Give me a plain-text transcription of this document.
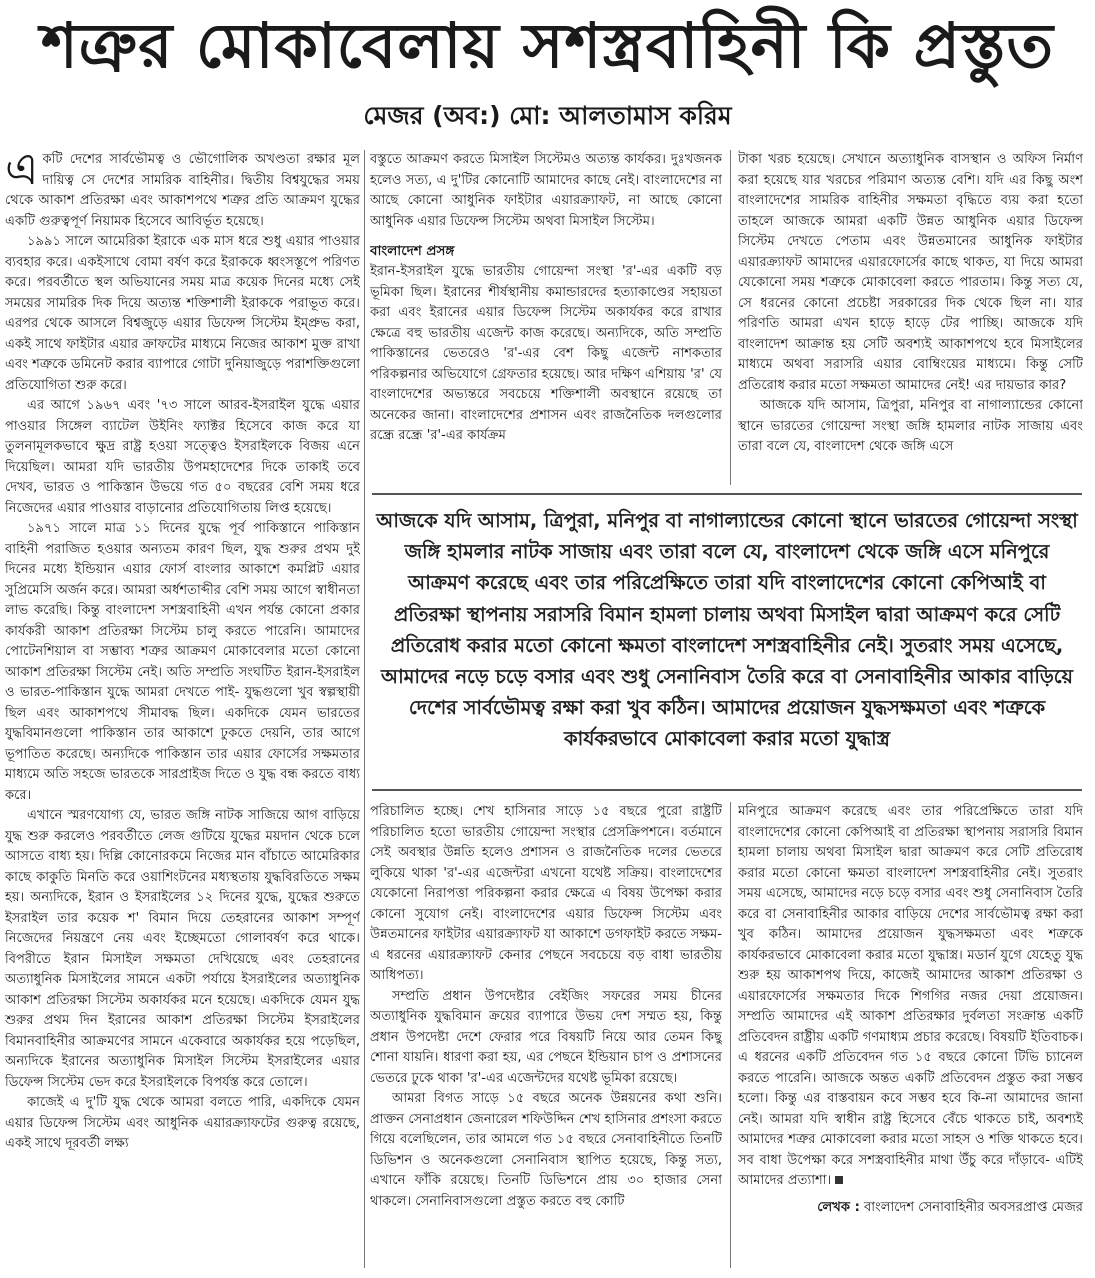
শত্রুর মোকাবেলায় সশস্ত্রবাহিনী কি প্রস্তুত
মেজর (অব:) মো: আলতামাস করিম

একটি দেশের সার্বভৌমত্ব ও ভৌগোলিক অখণ্ডতা রক্ষার মূল দায়িত্ব সে দেশের সামরিক বাহিনীর। দ্বিতীয় বিশ্বযুদ্ধের সময় থেকে আকাশ প্রতিরক্ষা এবং আকাশপথে শত্রুর প্রতি আক্রমণ যুদ্ধের একটি গুরুত্বপূর্ণ নিয়ামক হিসেবে আবির্ভূত হয়েছে।

১৯৯১ সালে আমেরিকা ইরাকে এক মাস ধরে শুধু এয়ার পাওয়ার ব্যবহার করে। একইসাথে বোমা বর্ষণ করে ইরাককে ধ্বংসস্তূপে পরিণত করে। পরবর্তীতে স্থল অভিযানের সময় মাত্র কয়েক দিনের মধ্যে সেই সময়ের সামরিক দিক দিয়ে অত্যন্ত শক্তিশালী ইরাককে পরাভূত করে। এরপর থেকে আসলে বিশ্বজুড়ে এয়ার ডিফেন্স সিস্টেম ইম্প্রুভ করা, একই সাথে ফাইটার এয়ার ক্রাফটের মাধ্যমে নিজের আকাশ মুক্ত রাখা এবং শত্রুকে ডমিনেট করার ব্যাপারে গোটা দুনিয়াজুড়ে পরাশক্তিগুলো প্রতিযোগিতা শুরু করে।

এর আগে ১৯৬৭ এবং '৭৩ সালে আরব-ইসরাইল যুদ্ধে এয়ার পাওয়ার সিঙ্গেল ব্যাটেল উইনিং ফ্যাক্টর হিসেবে কাজ করে যা তুলনামূলকভাবে ক্ষুদ্র রাষ্ট্র হওয়া সত্ত্বেও ইসরাইলকে বিজয় এনে দিয়েছিল। আমরা যদি ভারতীয় উপমহাদেশের দিকে তাকাই তবে দেখব, ভারত ও পাকিস্তান উভয়ে গত ৫০ বছরের বেশি সময় ধরে নিজেদের এয়ার পাওয়ার বাড়ানোর প্রতিযোগিতায় লিপ্ত হয়েছে।

১৯৭১ সালে মাত্র ১১ দিনের যুদ্ধে পূর্ব পাকিস্তানে পাকিস্তান বাহিনী পরাজিত হওয়ার অন্যতম কারণ ছিল, যুদ্ধ শুরুর প্রথম দুই দিনের মধ্যে ইন্ডিয়ান এয়ার ফোর্স বাংলার আকাশে কমপ্লিট এয়ার সুপ্রিমেসি অর্জন করে। আমরা অর্ধশতাব্দীর বেশি সময় আগে স্বাধীনতা লাভ করেছি। কিন্তু বাংলাদেশ সশস্ত্রবাহিনী এখন পর্যন্ত কোনো প্রকার কার্যকরী আকাশ প্রতিরক্ষা সিস্টেম চালু করতে পারেনি। আমাদের পোটেনশিয়াল বা সম্ভাব্য শত্রুর আক্রমণ মোকাবেলার মতো কোনো আকাশ প্রতিরক্ষা সিস্টেম নেই। অতি সম্প্রতি সংঘটিত ইরান-ইসরাইল ও ভারত-পাকিস্তান যুদ্ধে আমরা দেখতে পাই- যুদ্ধগুলো খুব স্বল্পস্থায়ী ছিল এবং আকাশপথে সীমাবদ্ধ ছিল। একদিকে যেমন ভারতের যুদ্ধবিমানগুলো পাকিস্তান তার আকাশে ঢুকতে দেয়নি, তার আগে ভূপাতিত করেছে। অন্যদিকে পাকিস্তান তার এয়ার ফোর্সের সক্ষমতার মাধ্যমে অতি সহজে ভারতকে সারপ্রাইজ দিতে ও যুদ্ধ বন্ধ করতে বাধ্য করে।

এখানে স্মরণযোগ্য যে, ভারত জঙ্গি নাটক সাজিয়ে আগ বাড়িয়ে যুদ্ধ শুরু করলেও পরবর্তীতে লেজ গুটিয়ে যুদ্ধের ময়দান থেকে চলে আসতে বাধ্য হয়। দিল্লি কোনোরকমে নিজের মান বাঁচাতে আমেরিকার কাছে কাকুতি মিনতি করে ওয়াশিংটনের মধ্যস্থতায় যুদ্ধবিরতিতে সক্ষম হয়। অন্যদিকে, ইরান ও ইসরাইলের ১২ দিনের যুদ্ধে, যুদ্ধের শুরুতে ইসরাইল তার কয়েক শ' বিমান দিয়ে তেহরানের আকাশ সম্পূর্ণ নিজেদের নিয়ন্ত্রণে নেয় এবং ইচ্ছেমতো গোলাবর্ষণ করে থাকে। বিপরীতে ইরান মিসাইল সক্ষমতা দেখিয়েছে এবং তেহরানের অত্যাধুনিক মিসাইলের সামনে একটা পর্যায়ে ইসরাইলের অত্যাধুনিক আকাশ প্রতিরক্ষা সিস্টেম অকার্যকর মনে হয়েছে। একদিকে যেমন যুদ্ধ শুরুর প্রথম দিন ইরানের আকাশ প্রতিরক্ষা সিস্টেম ইসরাইলের বিমানবাহিনীর আক্রমণের সামনে একেবারে অকার্যকর হয়ে পড়েছিল, অন্যদিকে ইরানের অত্যাধুনিক মিসাইল সিস্টেম ইসরাইলের এয়ার ডিফেন্স সিস্টেম ভেদ করে ইসরাইলকে বিপর্যস্ত করে তোলে।

কাজেই এ দু'টি যুদ্ধ থেকে আমরা বলতে পারি, একদিকে যেমন এয়ার ডিফেন্স সিস্টেম এবং আধুনিক এয়ারক্র্যাফটের গুরুত্ব রয়েছে, একই সাথে দূরবর্তী লক্ষ্য

বস্তুতে আক্রমণ করতে মিসাইল সিস্টেমও অত্যন্ত কার্যকর। দুঃখজনক হলেও সত্য, এ দু'টির কোনোটি আমাদের কাছে নেই। বাংলাদেশের না আছে কোনো আধুনিক ফাইটার এয়ারক্র্যাফট, না আছে কোনো আধুনিক এয়ার ডিফেন্স সিস্টেম অথবা মিসাইল সিস্টেম।

বাংলাদেশ প্রসঙ্গ

ইরান-ইসরাইল যুদ্ধে ভারতীয় গোয়েন্দা সংস্থা 'র'-এর একটি বড় ভূমিকা ছিল। ইরানের শীর্ষস্থানীয় কমান্ডারদের হত্যাকাণ্ডের সহায়তা করা এবং ইরানের এয়ার ডিফেন্স সিস্টেম অকার্যকর করে রাখার ক্ষেত্রে বহু ভারতীয় এজেন্ট কাজ করেছে। অন্যদিকে, অতি সম্প্রতি পাকিস্তানের ভেতরেও 'র'-এর বেশ কিছু এজেন্ট নাশকতার পরিকল্পনার অভিযোগে গ্রেফতার হয়েছে। আর দক্ষিণ এশিয়ায় 'র' যে বাংলাদেশের অভ্যন্তরে সবচেয়ে শক্তিশালী অবস্থানে রয়েছে তা অনেকের জানা। বাংলাদেশের প্রশাসন এবং রাজনৈতিক দলগুলোর রন্ধ্রে রন্ধ্রে 'র'-এর কার্যক্রম

টাকা খরচ হয়েছে। সেখানে অত্যাধুনিক বাসস্থান ও অফিস নির্মাণ করা হয়েছে যার খরচের পরিমাণ অত্যন্ত বেশি। যদি এর কিছু অংশ বাংলাদেশের সামরিক বাহিনীর সক্ষমতা বৃদ্ধিতে ব্যয় করা হতো তাহলে আজকে আমরা একটি উন্নত আধুনিক এয়ার ডিফেন্স সিস্টেম দেখতে পেতাম এবং উন্নতমানের আধুনিক ফাইটার এয়ারক্র্যাফট আমাদের এয়ারফোর্সের কাছে থাকত, যা দিয়ে আমরা যেকোনো সময় শত্রুকে মোকাবেলা করতে পারতাম। কিন্তু সত্য যে, সে ধরনের কোনো প্রচেষ্টা সরকারের দিক থেকে ছিল না। যার পরিণতি আমরা এখন হাড়ে হাড়ে টের পাচ্ছি। আজকে যদি বাংলাদেশ আক্রান্ত হয় সেটি অবশ্যই আকাশপথে হবে মিসাইলের মাধ্যমে অথবা সরাসরি এয়ার বোম্বিংয়ের মাধ্যমে। কিন্তু সেটি প্রতিরোধ করার মতো সক্ষমতা আমাদের নেই! এর দায়ভার কার?

আজকে যদি আসাম, ত্রিপুরা, মনিপুর বা নাগাল্যান্ডের কোনো স্থানে ভারতের গোয়েন্দা সংস্থা জঙ্গি হামলার নাটক সাজায় এবং তারা বলে যে, বাংলাদেশ থেকে জঙ্গি এসে

আজকে যদি আসাম, ত্রিপুরা, মনিপুর বা নাগাল্যান্ডের কোনো স্থানে ভারতের গোয়েন্দা সংস্থা জঙ্গি হামলার নাটক সাজায় এবং তারা বলে যে, বাংলাদেশ থেকে জঙ্গি এসে মনিপুরে আক্রমণ করেছে এবং তার পরিপ্রেক্ষিতে তারা যদি বাংলাদেশের কোনো কেপিআই বা প্রতিরক্ষা স্থাপনায় সরাসরি বিমান হামলা চালায় অথবা মিসাইল দ্বারা আক্রমণ করে সেটি প্রতিরোধ করার মতো কোনো ক্ষমতা বাংলাদেশ সশস্ত্রবাহিনীর নেই। সুতরাং সময় এসেছে, আমাদের নড়ে চড়ে বসার এবং শুধু সেনানিবাস তৈরি করে বা সেনাবাহিনীর আকার বাড়িয়ে দেশের সার্বভৌমত্ব রক্ষা করা খুব কঠিন। আমাদের প্রয়োজন যুদ্ধসক্ষমতা এবং শত্রুকে কার্যকরভাবে মোকাবেলা করার মতো যুদ্ধাস্ত্র

পরিচালিত হচ্ছে। শেখ হাসিনার সাড়ে ১৫ বছরে পুরো রাষ্ট্রটি পরিচালিত হতো ভারতীয় গোয়েন্দা সংস্থার প্রেসক্রিপশনে। বর্তমানে সেই অবস্থার উন্নতি হলেও প্রশাসন ও রাজনৈতিক দলের ভেতরে লুকিয়ে থাকা 'র'-এর এজেন্টরা এখনো যথেষ্ট সক্রিয়। বাংলাদেশের যেকোনো নিরাপত্তা পরিকল্পনা করার ক্ষেত্রে এ বিষয় উপেক্ষা করার কোনো সুযোগ নেই। বাংলাদেশের এয়ার ডিফেন্স সিস্টেম এবং উন্নতমানের ফাইটার এয়ারক্র্যাফট যা আকাশে ডগফাইট করতে সক্ষম- এ ধরনের এয়ারক্র্যাফট কেনার পেছনে সবচেয়ে বড় বাধা ভারতীয় আধিপত্য।

সম্প্রতি প্রধান উপদেষ্টার বেইজিং সফরের সময় চীনের অত্যাধুনিক যুদ্ধবিমান ক্রয়ের ব্যাপারে উভয় দেশ সম্মত হয়, কিন্তু প্রধান উপদেষ্টা দেশে ফেরার পরে বিষয়টি নিয়ে আর তেমন কিছু শোনা যায়নি। ধারণা করা হয়, এর পেছনে ইন্ডিয়ান চাপ ও প্রশাসনের ভেতরে ঢুকে থাকা 'র'-এর এজেন্টদের যথেষ্ট ভূমিকা রয়েছে।

আমরা বিগত সাড়ে ১৫ বছরে অনেক উন্নয়নের কথা শুনি। প্রাক্তন সেনাপ্রধান জেনারেল শফিউদ্দিন শেখ হাসিনার প্রশংসা করতে গিয়ে বলেছিলেন, তার আমলে গত ১৫ বছরে সেনাবাহিনীতে তিনটি ডিভিশন ও অনেকগুলো সেনানিবাস স্থাপিত হয়েছে, কিন্তু সত্য, এখানে ফাঁকি রয়েছে। তিনটি ডিভিশনে প্রায় ৩০ হাজার সেনা থাকলে। সেনানিবাসগুলো প্রস্তুত করতে বহু কোটি

মনিপুরে আক্রমণ করেছে এবং তার পরিপ্রেক্ষিতে তারা যদি বাংলাদেশের কোনো কেপিআই বা প্রতিরক্ষা স্থাপনায় সরাসরি বিমান হামলা চালায় অথবা মিসাইল দ্বারা আক্রমণ করে সেটি প্রতিরোধ করার মতো কোনো ক্ষমতা বাংলাদেশ সশস্ত্রবাহিনীর নেই। সুতরাং সময় এসেছে, আমাদের নড়ে চড়ে বসার এবং শুধু সেনানিবাস তৈরি করে বা সেনাবাহিনীর আকার বাড়িয়ে দেশের সার্বভৌমত্ব রক্ষা করা খুব কঠিন। আমাদের প্রয়োজন যুদ্ধসক্ষমতা এবং শত্রুকে কার্যকরভাবে মোকাবেলা করার মতো যুদ্ধাস্ত্র। মডার্ন যুগে যেহেতু যুদ্ধ শুরু হয় আকাশপথ দিয়ে, কাজেই আমাদের আকাশ প্রতিরক্ষা ও এয়ারফোর্সের সক্ষমতার দিকে শিগগির নজর দেয়া প্রয়োজন। সম্প্রতি আমাদের এই আকাশ প্রতিরক্ষার দুর্বলতা সংক্রান্ত একটি প্রতিবেদন রাষ্ট্রীয় একটি গণমাধ্যম প্রচার করেছে। বিষয়টি ইতিবাচক। এ ধরনের একটি প্রতিবেদন গত ১৫ বছরে কোনো টিভি চ্যানেল করতে পারেনি। আজকে অন্তত একটি প্রতিবেদন প্রস্তুত করা সম্ভব হলো। কিন্তু এর বাস্তবায়ন কবে সম্ভব হবে কি-না আমাদের জানা নেই। আমরা যদি স্বাধীন রাষ্ট্র হিসেবে বেঁচে থাকতে চাই, অবশ্যই আমাদের শত্রুর মোকাবেলা করার মতো সাহস ও শক্তি থাকতে হবে। সব বাধা উপেক্ষা করে সশস্ত্রবাহিনীর মাথা উঁচু করে দাঁড়াবে- এটিই আমাদের প্রত্যাশা।

লেখক : বাংলাদেশ সেনাবাহিনীর অবসরপ্রাপ্ত মেজর
